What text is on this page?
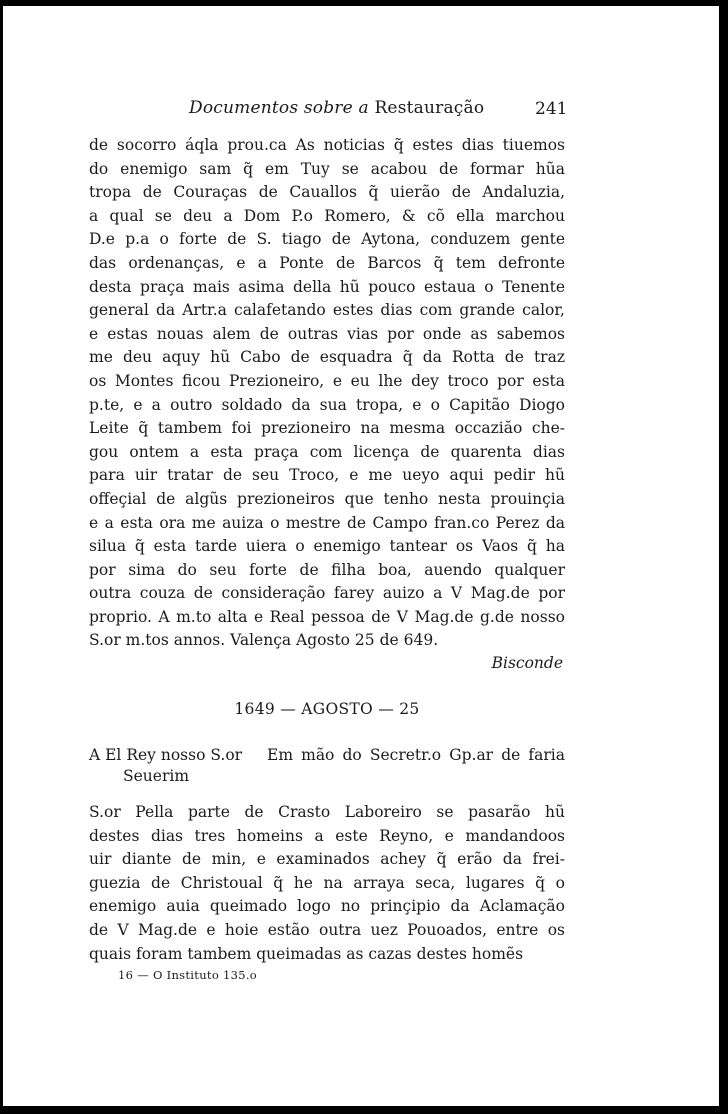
Documentos sobre a Restauração	241
de socorro áqla prou.ca As noticias q̃ estes dias tiuemos
do enemigo sam q̃ em Tuy se acabou de formar hũa
tropa de Couraças de Cauallos q̃ uierão de Andaluzia,
a qual se deu a Dom P.o Romero, & cõ ella marchou
D.e p.a o forte de S. tiago de Aytona, conduzem gente
das ordenanças, e a Ponte de Barcos q̃ tem defronte
desta praça mais asima della hũ pouco estaua o Tenente
general da Artr.a calafetando estes dias com grande calor,
e estas nouas alem de outras vias por onde as sabemos
me deu aquy hũ Cabo de esquadra q̃ da Rotta de traz
os Montes ficou Prezioneiro, e eu lhe dey troco por esta
p.te, e a outro soldado da sua tropa, e o Capitão Diogo
Leite q̃ tambem foi prezioneiro na mesma occaziăo che-
gou ontem a esta praça com licença de quarenta dias
para uir tratar de seu Troco, e me ueyo aqui pedir hũ
offeçial de algũs prezioneiros que tenho nesta prouinçia
e a esta ora me auiza o mestre de Campo fran.co Perez da
silua q̃ esta tarde uiera o enemigo tantear os Vaos q̃ ha
por sima do seu forte de filha boa, auendo qualquer
outra couza de consideração farey auizo a V Mag.de por
proprio. A m.to alta e Real pessoa de V Mag.de g.de nosso
S.or m.tos annos. Valença Agosto 25 de 649.
Bisconde
1649 — AGOSTO — 25
A El Rey nosso S.or Em mão do Secretr.o Gp.ar de faria
Seuerim
S.or Pella parte de Crasto Laboreiro se pasarão hũ
destes dias tres homeins a este Reyno, e mandandoos
uir diante de min, e examinados achey q̃ erão da frei-
guezia de Christoual q̃ he na arraya seca, lugares q̃ o
enemigo auia queimado logo no prinçipio da Aclamação
de V Mag.de e hoie estão outra uez Pouoados, entre os
quais foram tambem queimadas as cazas destes homẽs
16 — O Instituto 135.o
